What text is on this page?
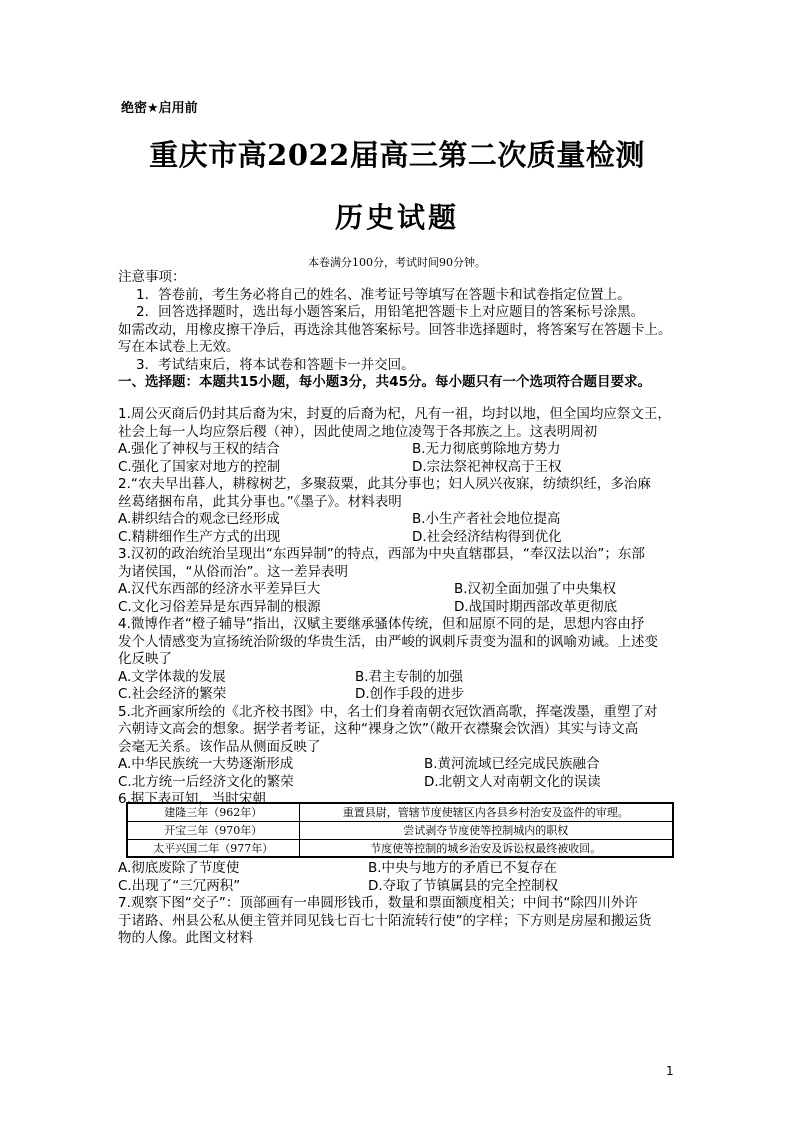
绝密★启用前
重庆市高2022届高三第二次质量检测
历史试题
本卷满分100分，考试时间90分钟。
注意事项：
1．答卷前，考生务必将自己的姓名、准考证号等填写在答题卡和试卷指定位置上。
2．回答选择题时，选出每小题答案后，用铅笔把答题卡上对应题目的答案标号涂黑。
如需改动，用橡皮擦干净后，再选涂其他答案标号。回答非选择题时，将答案写在答题卡上。
写在本试卷上无效。
3．考试结束后，将本试卷和答题卡一并交回。
一、选择题：本题共15小题，每小题3分，共45分。每小题只有一个选项符合题目要求。
1.周公灭商后仍封其后裔为宋，封夏的后裔为杞，凡有一祖，均封以地，但全国均应祭文王，
社会上每一人均应祭后稷（神），因此使周之地位凌驾于各邦族之上。这表明周初
A.强化了神权与王权的结合	B.无力彻底剪除地方势力
C.强化了国家对地方的控制	D.宗法祭祀神权高于王权
2.“农夫早出暮人，耕稼树艺，多聚菽粟，此其分事也；妇人夙兴夜寐，纺绩织纴，多治麻
丝葛绪捆布帛，此其分事也。”《墨子》。材料表明
A.耕织结合的观念已经形成	B.小生产者社会地位提高
C.精耕细作生产方式的出现	D.社会经济结构得到优化
3.汉初的政治统治呈现出“东西异制”的特点，西部为中央直辖郡县，“奉汉法以治”；东部
为诸侯国，“从俗而治”。这一差异表明
A.汉代东西部的经济水平差异巨大	B.汉初全面加强了中央集权
C.文化习俗差异是东西异制的根源	D.战国时期西部改革更彻底
4.微博作者“橙子辅导”指出，汉赋主要继承骚体传统，但和屈原不同的是，思想内容由抒
发个人情感变为宣扬统治阶级的华贵生活，由严峻的讽刺斥责变为温和的讽喻劝诫。上述变
化反映了
A.文学体裁的发展	B.君主专制的加强
C.社会经济的繁荣	D.创作手段的进步
5.北齐画家所绘的《北齐校书图》中，名士们身着南朝衣冠饮酒高歌，挥毫泼墨，重塑了对
六朝诗文高会的想象。据学者考证，这种“裸身之饮”（敞开衣襟聚会饮酒）其实与诗文高
会毫无关系。该作品从侧面反映了
A.中华民族统一大势逐渐形成	B.黄河流域已经完成民族融合
C.北方统一后经济文化的繁荣	D.北朝文人对南朝文化的误读
6.据下表可知，当时宋朝
建隆三年（962年）	重置县尉，管辖节度使辖区内各县乡村治安及盗件的审理。
开宝三年（970年）	尝试剥夺节度使等控制城内的职权
太平兴国二年（977年）	节度使等控制的城乡治安及诉讼权最终被收回。
A.彻底废除了节度使	B.中央与地方的矛盾已不复存在
C.出现了“三冗两积”	D.夺取了节镇属县的完全控制权
7.观察下图“交子”：顶部画有一串圆形钱币，数量和票面额度相关；中间书“除四川外许
于诸路、州县公私从便主管并同见钱七百七十陌流转行使”的字样；下方则是房屋和搬运货
物的人像。此图文材料
1
